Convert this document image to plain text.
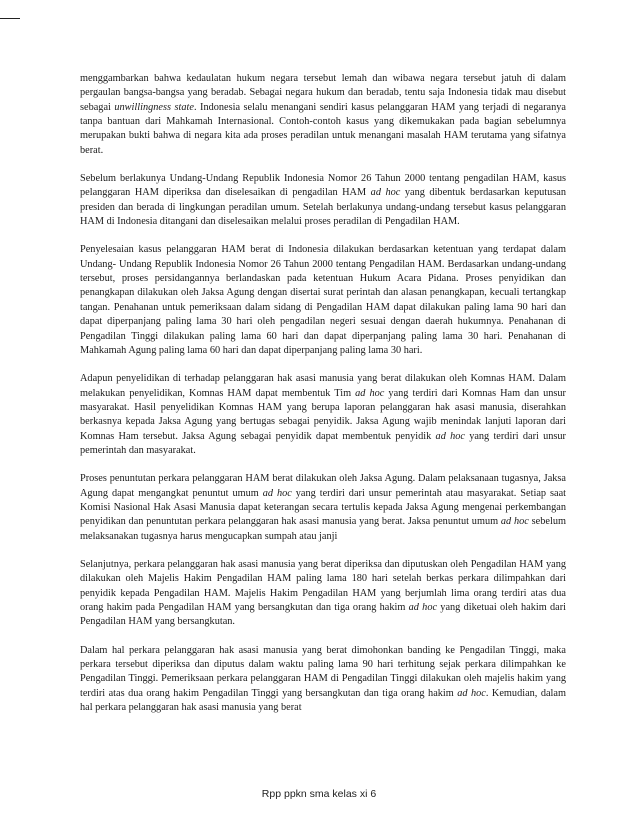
menggambarkan bahwa kedaulatan hukum negara tersebut lemah dan wibawa negara tersebut jatuh di dalam pergaulan bangsa-bangsa yang beradab. Sebagai negara hukum dan beradab, tentu saja Indonesia tidak mau disebut sebagai unwillingness state. Indonesia selalu menangani sendiri kasus pelanggaran HAM yang terjadi di negaranya tanpa bantuan dari Mahkamah Internasional. Contoh-contoh kasus yang dikemukakan pada bagian sebelumnya merupakan bukti bahwa di negara kita ada proses peradilan untuk menangani masalah HAM terutama yang sifatnya berat.

Sebelum berlakunya Undang-Undang Republik Indonesia Nomor 26 Tahun 2000 tentang pengadilan HAM, kasus pelanggaran HAM diperiksa dan diselesaikan di pengadilan HAM ad hoc yang dibentuk berdasarkan keputusan presiden dan berada di lingkungan peradilan umum. Setelah berlakunya undang-undang tersebut kasus pelanggaran HAM di Indonesia ditangani dan diselesaikan melalui proses peradilan di Pengadilan HAM.

Penyelesaian kasus pelanggaran HAM berat di Indonesia dilakukan berdasarkan ketentuan yang terdapat dalam Undang- Undang Republik Indonesia Nomor 26 Tahun 2000 tentang Pengadilan HAM. Berdasarkan undang-undang tersebut, proses persidangannya berlandaskan pada ketentuan Hukum Acara Pidana. Proses penyidikan dan penangkapan dilakukan oleh Jaksa Agung dengan disertai surat perintah dan alasan penangkapan, kecuali tertangkap tangan. Penahanan untuk pemeriksaan dalam sidang di Pengadilan HAM dapat dilakukan paling lama 90 hari dan dapat diperpanjang paling lama 30 hari oleh pengadilan negeri sesuai dengan daerah hukumnya. Penahanan di Pengadilan Tinggi dilakukan paling lama 60 hari dan dapat diperpanjang paling lama 30 hari. Penahanan di Mahkamah Agung paling lama 60 hari dan dapat diperpanjang paling lama 30 hari.

Adapun penyelidikan di terhadap pelanggaran hak asasi manusia yang berat dilakukan oleh Komnas HAM. Dalam melakukan penyelidikan, Komnas HAM dapat membentuk Tim ad hoc yang terdiri dari Komnas Ham dan unsur masyarakat. Hasil penyelidikan Komnas HAM yang berupa laporan pelanggaran hak asasi manusia, diserahkan berkasnya kepada Jaksa Agung yang bertugas sebagai penyidik. Jaksa Agung wajib menindak lanjuti laporan dari Komnas Ham tersebut. Jaksa Agung sebagai penyidik dapat membentuk penyidik ad hoc yang terdiri dari unsur pemerintah dan masyarakat.

Proses penuntutan perkara pelanggaran HAM berat dilakukan oleh Jaksa Agung. Dalam pelaksanaan tugasnya, Jaksa Agung dapat mengangkat penuntut umum ad hoc yang terdiri dari unsur pemerintah atau masyarakat. Setiap saat Komisi Nasional Hak Asasi Manusia dapat keterangan secara tertulis kepada Jaksa Agung mengenai perkembangan penyidikan dan penuntutan perkara pelanggaran hak asasi manusia yang berat. Jaksa penuntut umum ad hoc sebelum melaksanakan tugasnya harus mengucapkan sumpah atau janji

Selanjutnya, perkara pelanggaran hak asasi manusia yang berat diperiksa dan diputuskan oleh Pengadilan HAM yang dilakukan oleh Majelis Hakim Pengadilan HAM paling lama 180 hari setelah berkas perkara dilimpahkan dari penyidik kepada Pengadilan HAM. Majelis Hakim Pengadilan HAM yang berjumlah lima orang terdiri atas dua orang hakim pada Pengadilan HAM yang bersangkutan dan tiga orang hakim ad hoc yang diketuai oleh hakim dari Pengadilan HAM yang bersangkutan.

Dalam hal perkara pelanggaran hak asasi manusia yang berat dimohonkan banding ke Pengadilan Tinggi, maka perkara tersebut diperiksa dan diputus dalam waktu paling lama 90 hari terhitung sejak perkara dilimpahkan ke Pengadilan Tinggi. Pemeriksaan perkara pelanggaran HAM di Pengadilan Tinggi dilakukan oleh majelis hakim yang terdiri atas dua orang hakim Pengadilan Tinggi yang bersangkutan dan tiga orang hakim ad hoc. Kemudian, dalam hal perkara pelanggaran hak asasi manusia yang berat

Rpp ppkn sma kelas xi 6
